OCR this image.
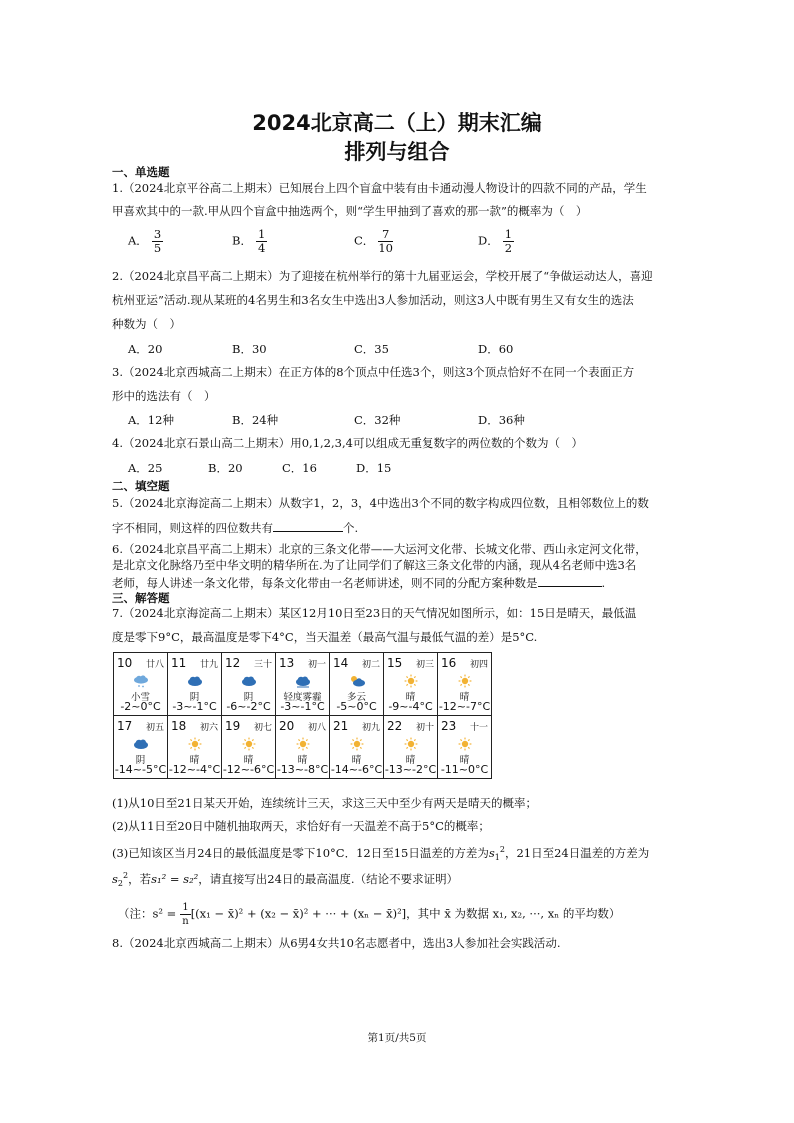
2024北京高二（上）期末汇编
排列与组合
一、单选题
1.（2024北京平谷高二上期末）已知展台上四个盲盒中装有由卡通动漫人物设计的四款不同的产品，学生
甲喜欢其中的一款.甲从四个盲盒中抽选两个，则“学生甲抽到了喜欢的那一款”的概率为（　）
A． $\frac{3}{5}$	B． $\frac{1}{4}$	C． $\frac{7}{10}$	D． $\frac{1}{2}$
2.（2024北京昌平高二上期末）为了迎接在杭州举行的第十九届亚运会，学校开展了“争做运动达人，喜迎
杭州亚运”活动.现从某班的4名男生和3名女生中选出3人参加活动，则这3人中既有男生又有女生的选法
种数为（　）
A．20	B．30	C．35	D．60
3.（2024北京西城高二上期末）在正方体的8个顶点中任选3个，则这3个顶点恰好不在同一个表面正方
形中的选法有（　）
A．12种	B．24种	C．32种	D．36种
4.（2024北京石景山高二上期末）用0,1,2,3,4可以组成无重复数字的两位数的个数为（　）
A．25	B．20	C．16	D．15
二、填空题
5.（2024北京海淀高二上期末）从数字1，2，3，4中选出3个不同的数字构成四位数，且相邻数位上的数
字不相同，则这样的四位数共有	个.
6.（2024北京昌平高二上期末）北京的三条文化带——大运河文化带、长城文化带、西山永定河文化带，
是北京文化脉络乃至中华文明的精华所在.为了让同学们了解这三条文化带的内涵，现从4名老师中选3名
老师，每人讲述一条文化带，每条文化带由一名老师讲述，则不同的分配方案种数是	.
三、解答题
7.（2024北京海淀高二上期末）某区12月10日至23日的天气情况如图所示，如：15日是晴天，最低温
度是零下9°C，最高温度是零下4°C，当天温差（最高气温与最低气温的差）是5°C.
10 廿八
小雪
-2~0°C	11 廿九
阴
-3~-1°C	12 三十
阴
-6~-2°C	13 初一
轻度雾霾
-3~-1°C	14 初二
多云
-5~0°C	15 初三
晴
-9~-4°C	16 初四
晴
-12~-7°C

17 初五
阴
-14~-5°C	18 初六
晴
-12~-4°C	19 初七
晴
-12~-6°C	20 初八
晴
-13~-8°C	21 初九
晴
-14~-6°C	22 初十
晴
-13~-2°C	23 十一
晴
-11~0°C
(1)从10日至21日某天开始，连续统计三天，求这三天中至少有两天是晴天的概率；
(2)从11日至20日中随机抽取两天，求恰好有一天温差不高于5°C的概率；
(3)已知该区当月24日的最低温度是零下10°C．12日至15日温差的方差为$s_1^2$，21日至24日温差的方差为
$s_2^2$，若s₁² = s₂²，请直接写出24日的最高温度.（结论不要求证明）
（注：$s^2 = \frac{1}{n} [(x_1$ − x̄)² + (x₂ − x̄)² + ··· + (xₙ − x̄)²]，其中 x̄ 为数据 x₁, x₂, ···, xₙ 的平均数）
8.（2024北京西城高二上期末）从6男4女共10名志愿者中，选出3人参加社会实践活动.
第1页/共5页
